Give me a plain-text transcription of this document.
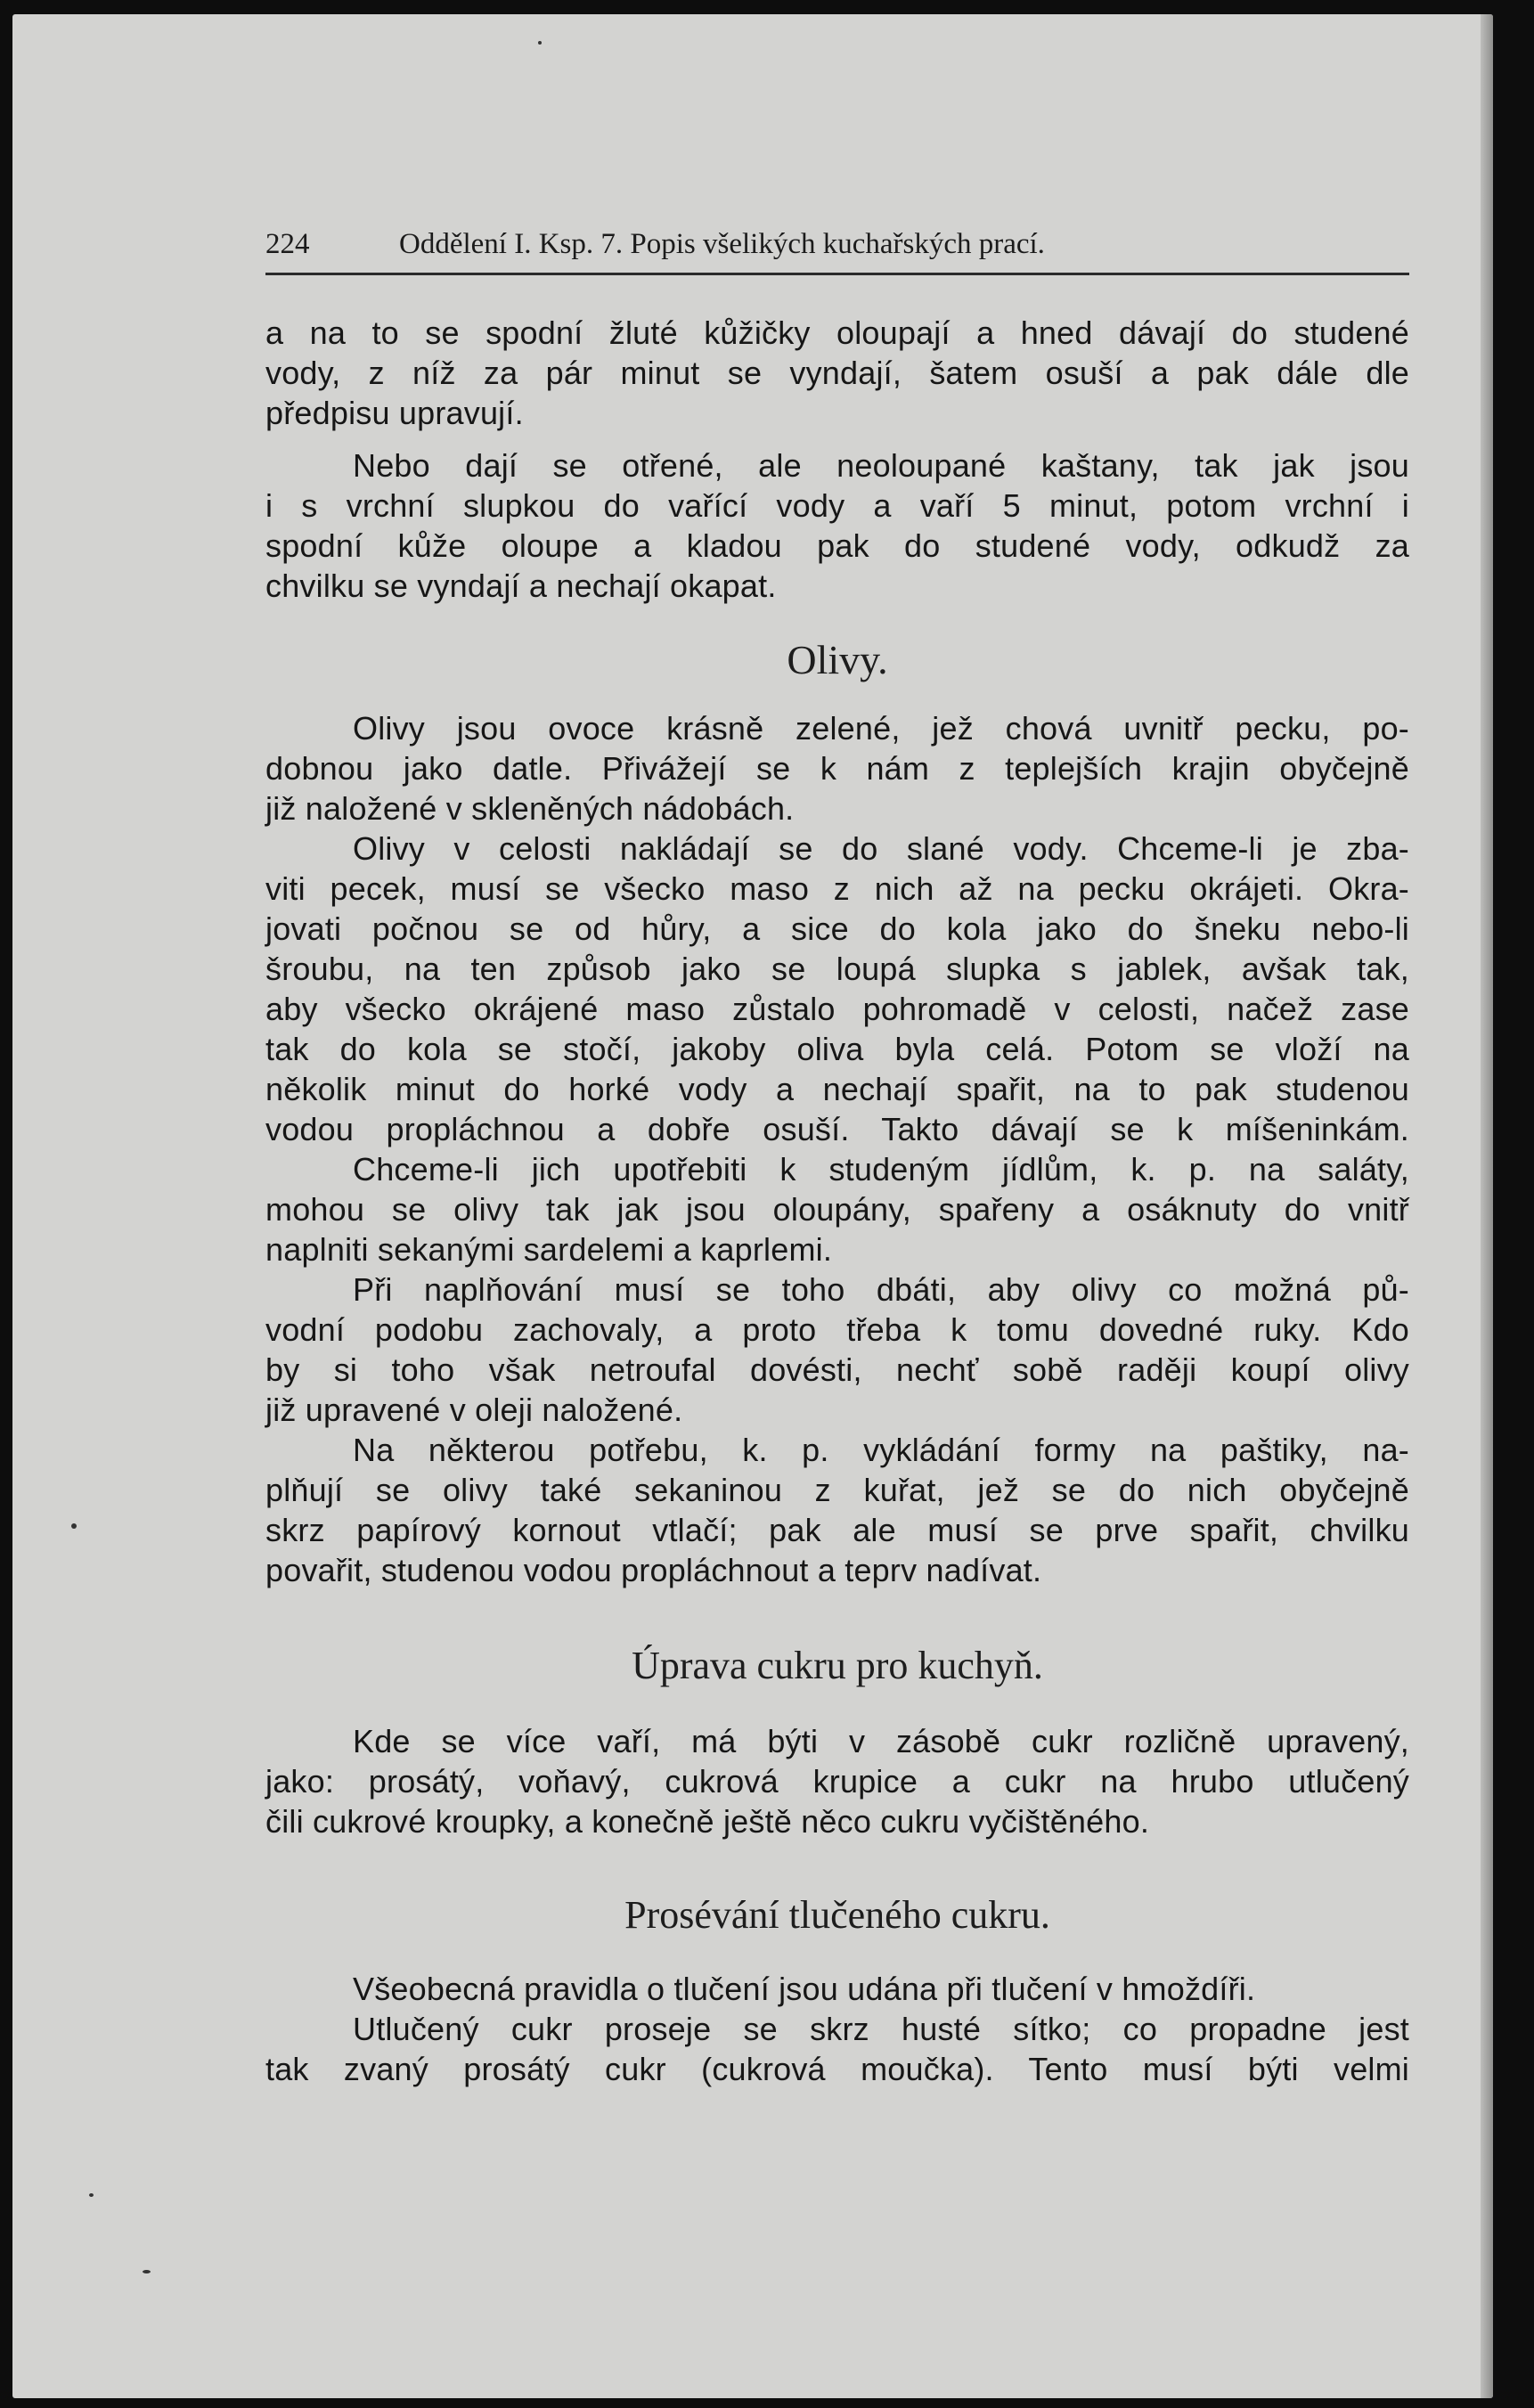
224	Oddělení I. Ksp. 7. Popis všelikých kuchařských prací.
a na to se spodní žluté kůžičky oloupají a hned dávají do studené
vody, z níž za pár minut se vyndají, šatem osuší a pak dále dle
předpisu upravují.
Nebo dají se otřené, ale neoloupané kaštany, tak jak jsou
i s vrchní slupkou do vařící vody a vaří 5 minut, potom vrchní i
spodní kůže oloupe a kladou pak do studené vody, odkudž za
chvilku se vyndají a nechají okapat.
Olivy.
Olivy jsou ovoce krásně zelené, jež chová uvnitř pecku, po-
dobnou jako datle. Přivážejí se k nám z teplejších krajin obyčejně
již naložené v skleněných nádobách.
Olivy v celosti nakládají se do slané vody. Chceme-li je zba-
viti pecek, musí se všecko maso z nich až na pecku okrájeti. Okra-
jovati počnou se od hůry, a sice do kola jako do šneku nebo-li
šroubu, na ten způsob jako se loupá slupka s jablek, avšak tak,
aby všecko okrájené maso zůstalo pohromadě v celosti, načež zase
tak do kola se stočí, jakoby oliva byla celá. Potom se vloží na
několik minut do horké vody a nechají spařit, na to pak studenou
vodou propláchnou a dobře osuší. Takto dávají se k míšeninkám.
Chceme-li jich upotřebiti k studeným jídlům, k. p. na saláty,
mohou se olivy tak jak jsou oloupány, spařeny a osáknuty do vnitř
naplniti sekanými sardelemi a kaprlemi.
Při naplňování musí se toho dbáti, aby olivy co možná pů-
vodní podobu zachovaly, a proto třeba k tomu dovedné ruky. Kdo
by si toho však netroufal dovésti, nechť sobě raději koupí olivy
již upravené v oleji naložené.
Na některou potřebu, k. p. vykládání formy na paštiky, na-
plňují se olivy také sekaninou z kuřat, jež se do nich obyčejně
skrz papírový kornout vtlačí; pak ale musí se prve spařit, chvilku
povařit, studenou vodou propláchnout a teprv nadívat.
Úprava cukru pro kuchyň.
Kde se více vaří, má býti v zásobě cukr rozličně upravený,
jako: prosátý, voňavý, cukrová krupice a cukr na hrubo utlučený
čili cukrové kroupky, a konečně ještě něco cukru vyčištěného.
Prosévání tlučeného cukru.
Všeobecná pravidla o tlučení jsou udána při tlučení v hmoždíři.
Utlučený cukr proseje se skrz husté sítko; co propadne jest
tak zvaný prosátý cukr (cukrová moučka). Tento musí býti velmi
